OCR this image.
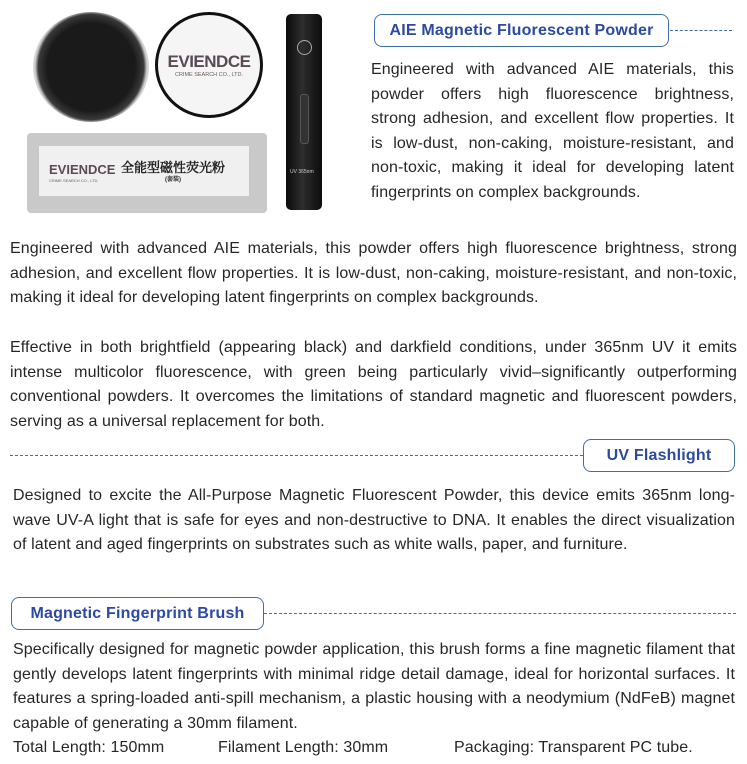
EVIENDCE
CRIME SEARCH CO., LTD.
EVIENDCE
CRIME SEARCH CO., LTD.
全能型磁性荧光粉
(套装)
UV 365nm
AIE Magnetic Fluorescent Powder
Engineered with advanced AIE materials, this powder offers high fluorescence brightness, strong adhesion, and excellent flow properties. It is low-dust, non-caking, moisture-resistant, and non-toxic, making it ideal for developing latent fingerprints on complex backgrounds.
Engineered with advanced AIE materials, this powder offers high fluorescence brightness, strong adhesion, and excellent flow properties. It is low-dust, non-caking, moisture-resistant, and non-toxic, making it ideal for developing latent fingerprints on complex backgrounds.
Effective in both brightfield (appearing black) and darkfield conditions, under 365nm UV it emits intense multicolor fluorescence, with green being particularly vivid–significantly outperforming conventional powders. It overcomes the limitations of standard magnetic and fluorescent powders, serving as a universal replacement for both.
UV Flashlight
Designed to excite the All-Purpose Magnetic Fluorescent Powder, this device emits 365nm long-wave UV-A light that is safe for eyes and non-destructive to DNA. It enables the direct visualization of latent and aged fingerprints on substrates such as white walls, paper, and furniture.
Magnetic Fingerprint Brush
Specifically designed for magnetic powder application, this brush forms a fine magnetic filament that gently develops latent fingerprints with minimal ridge detail damage, ideal for horizontal surfaces. It features a spring-loaded anti-spill mechanism, a plastic housing with a neodymium (NdFeB) magnet capable of generating a 30mm filament.
Total Length: 150mm	Filament Length: 30mm	Packaging: Transparent PC tube.
